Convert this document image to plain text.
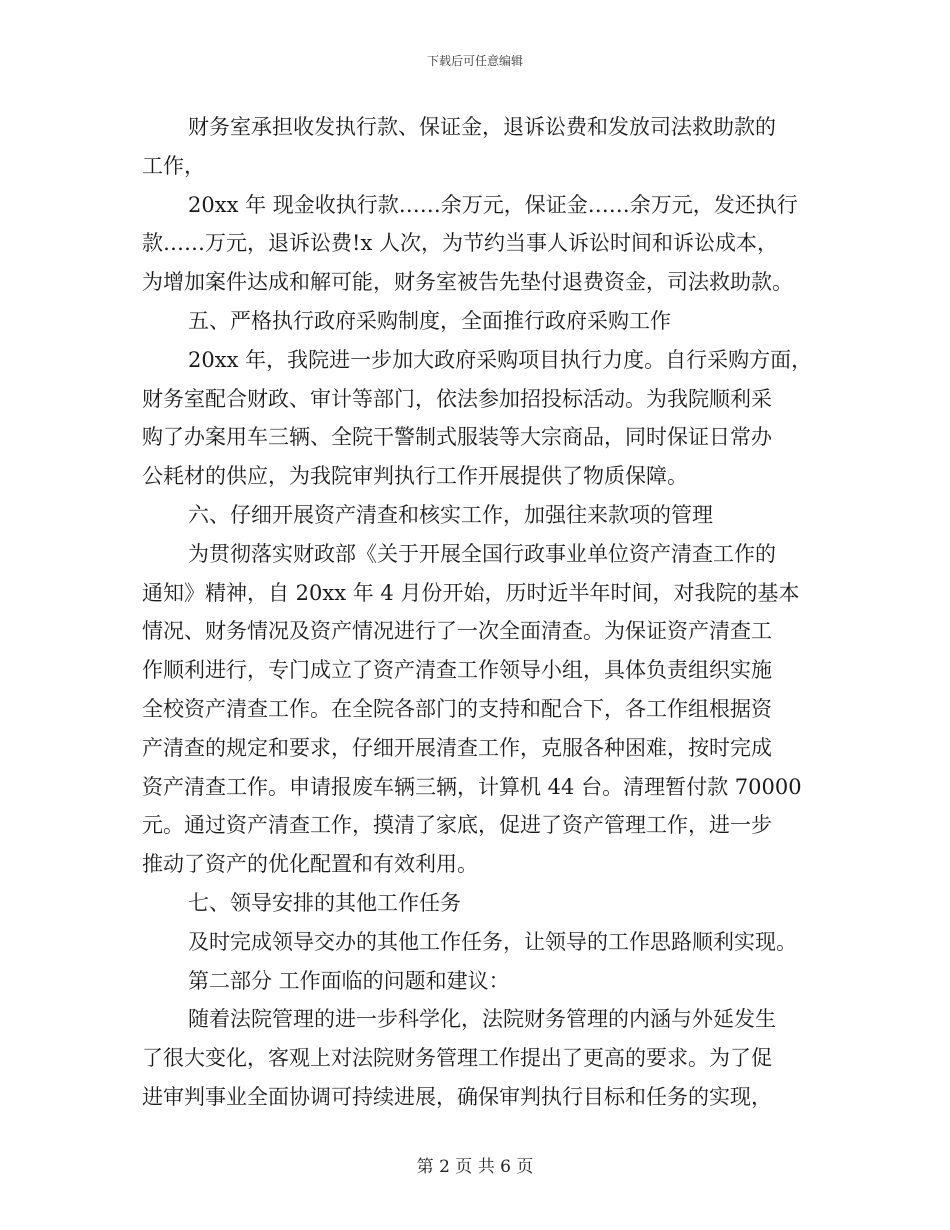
下载后可任意编辑
财务室承担收发执行款、保证金，退诉讼费和发放司法救助款的
工作，
20xx 年 现金收执行款……余万元，保证金……余万元，发还执行
款……万元，退诉讼费!x 人次，为节约当事人诉讼时间和诉讼成本，
为增加案件达成和解可能，财务室被告先垫付退费资金，司法救助款。
五、严格执行政府采购制度，全面推行政府采购工作
20xx 年，我院进一步加大政府采购项目执行力度。自行采购方面，
财务室配合财政、审计等部门，依法参加招投标活动。为我院顺利采
购了办案用车三辆、全院干警制式服装等大宗商品，同时保证日常办
公耗材的供应，为我院审判执行工作开展提供了物质保障。
六、仔细开展资产清查和核实工作，加强往来款项的管理
为贯彻落实财政部《关于开展全国行政事业单位资产清查工作的
通知》精神，自 20xx 年 4 月份开始，历时近半年时间，对我院的基本
情况、财务情况及资产情况进行了一次全面清查。为保证资产清查工
作顺利进行，专门成立了资产清查工作领导小组，具体负责组织实施
全校资产清查工作。在全院各部门的支持和配合下，各工作组根据资
产清查的规定和要求，仔细开展清查工作，克服各种困难，按时完成
资产清查工作。申请报废车辆三辆，计算机 44 台。清理暂付款 70000
元。通过资产清查工作，摸清了家底，促进了资产管理工作，进一步
推动了资产的优化配置和有效利用。
七、领导安排的其他工作任务
及时完成领导交办的其他工作任务，让领导的工作思路顺利实现。
第二部分 工作面临的问题和建议：
随着法院管理的进一步科学化，法院财务管理的内涵与外延发生
了很大变化，客观上对法院财务管理工作提出了更高的要求。为了促
进审判事业全面协调可持续进展，确保审判执行目标和任务的实现，
第 2 页 共 6 页
